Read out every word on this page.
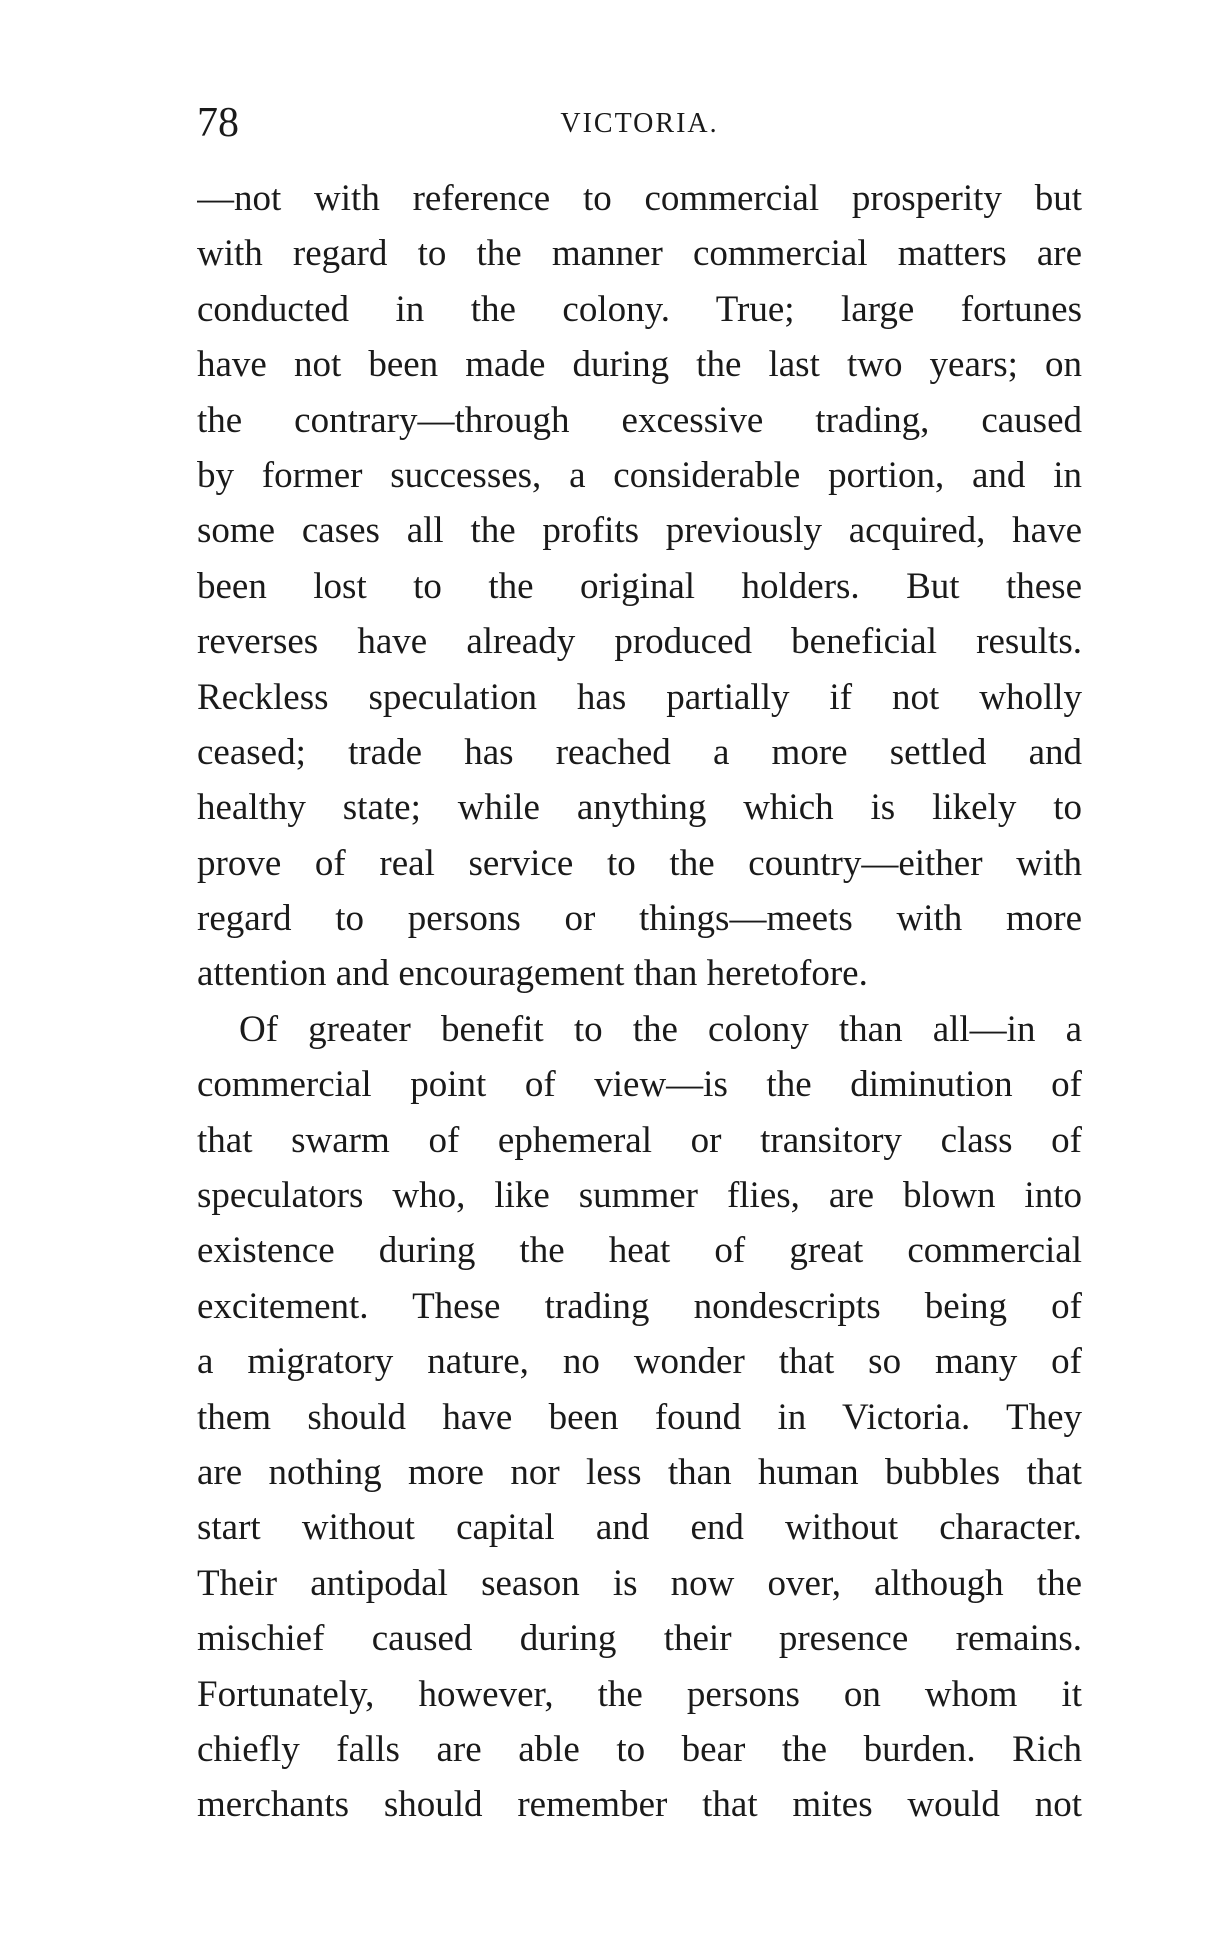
78	VICTORIA.
—not with reference to commercial prosperity but
with regard to the manner commercial matters are
conducted in the colony. True; large fortunes
have not been made during the last two years; on
the contrary—through excessive trading, caused
by former successes, a considerable portion, and in
some cases all the profits previously acquired, have
been lost to the original holders. But these
reverses have already produced beneficial results.
Reckless speculation has partially if not wholly
ceased; trade has reached a more settled and
healthy state; while anything which is likely to
prove of real service to the country—either with
regard to persons or things—meets with more
attention and encouragement than heretofore.
Of greater benefit to the colony than all—in a
commercial point of view—is the diminution of
that swarm of ephemeral or transitory class of
speculators who, like summer flies, are blown into
existence during the heat of great commercial
excitement. These trading nondescripts being of
a migratory nature, no wonder that so many of
them should have been found in Victoria. They
are nothing more nor less than human bubbles that
start without capital and end without character.
Their antipodal season is now over, although the
mischief caused during their presence remains.
Fortunately, however, the persons on whom it
chiefly falls are able to bear the burden. Rich
merchants should remember that mites would not
